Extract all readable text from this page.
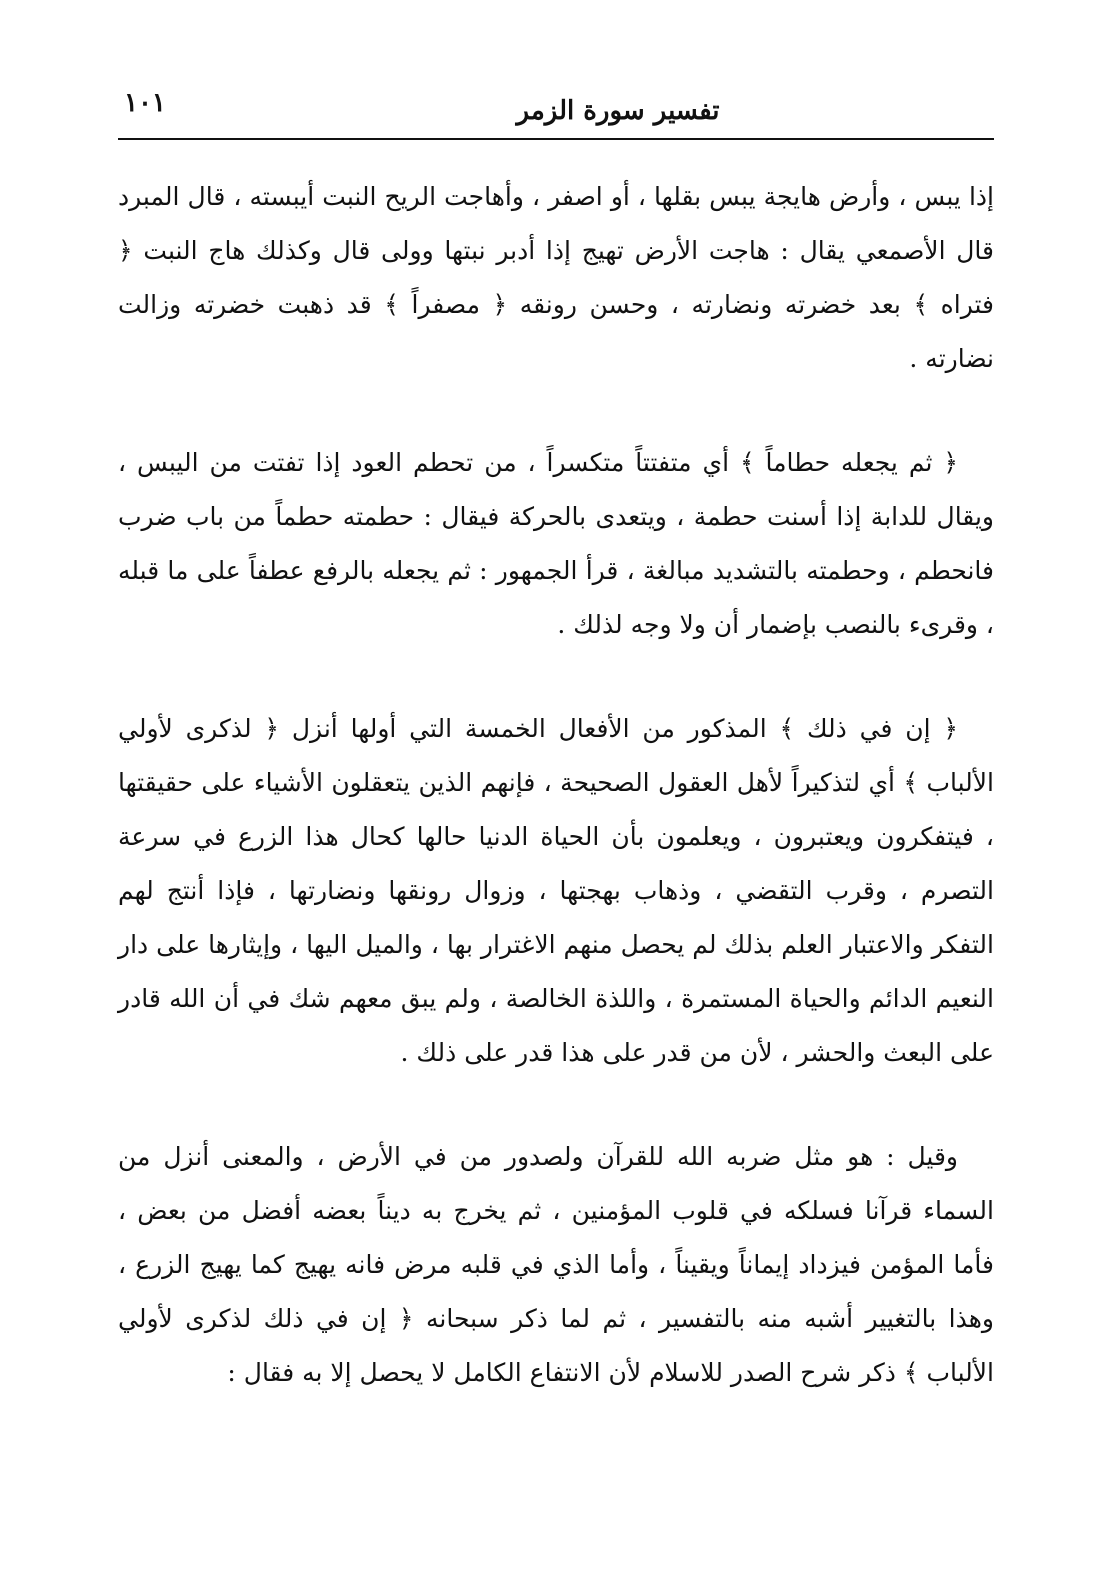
١٠١	تفسير سورة الزمر

إذا يبس ، وأرض هايجة يبس بقلها ، أو اصفر ، وأهاجت الريح النبت أيبسته ، قال المبرد قال الأصمعي يقال : هاجت الأرض تهيج إذا أدبر نبتها وولى قال وكذلك هاج النبت ﴿ فتراه ﴾ بعد خضرته ونضارته ، وحسن رونقه ﴿ مصفراً ﴾ قد ذهبت خضرته وزالت نضارته .

﴿ ثم يجعله حطاماً ﴾ أي متفتتاً متكسراً ، من تحطم العود إذا تفتت من اليبس ، ويقال للدابة إذا أسنت حطمة ، ويتعدى بالحركة فيقال : حطمته حطماً من باب ضرب فانحطم ، وحطمته بالتشديد مبالغة ، قرأ الجمهور : ثم يجعله بالرفع عطفاً على ما قبله ، وقرىء بالنصب بإضمار أن ولا وجه لذلك .

﴿ إن في ذلك ﴾ المذكور من الأفعال الخمسة التي أولها أنزل ﴿ لذكرى لأولي الألباب ﴾ أي لتذكيراً لأهل العقول الصحيحة ، فإنهم الذين يتعقلون الأشياء على حقيقتها ، فيتفكرون ويعتبرون ، ويعلمون بأن الحياة الدنيا حالها كحال هذا الزرع في سرعة التصرم ، وقرب التقضي ، وذهاب بهجتها ، وزوال رونقها ونضارتها ، فإذا أنتج لهم التفكر والاعتبار العلم بذلك لم يحصل منهم الاغترار بها ، والميل اليها ، وإيثارها على دار النعيم الدائم والحياة المستمرة ، واللذة الخالصة ، ولم يبق معهم شك في أن الله قادر على البعث والحشر ، لأن من قدر على هذا قدر على ذلك .

وقيل : هو مثل ضربه الله للقرآن ولصدور من في الأرض ، والمعنى أنزل من السماء قرآنا فسلكه في قلوب المؤمنين ، ثم يخرج به ديناً بعضه أفضل من بعض ، فأما المؤمن فيزداد إيماناً ويقيناً ، وأما الذي في قلبه مرض فانه يهيج كما يهيج الزرع ، وهذا بالتغيير أشبه منه بالتفسير ، ثم لما ذكر سبحانه ﴿ إن في ذلك لذكرى لأولي الألباب ﴾ ذكر شرح الصدر للاسلام لأن الانتفاع الكامل لا يحصل إلا به فقال :
